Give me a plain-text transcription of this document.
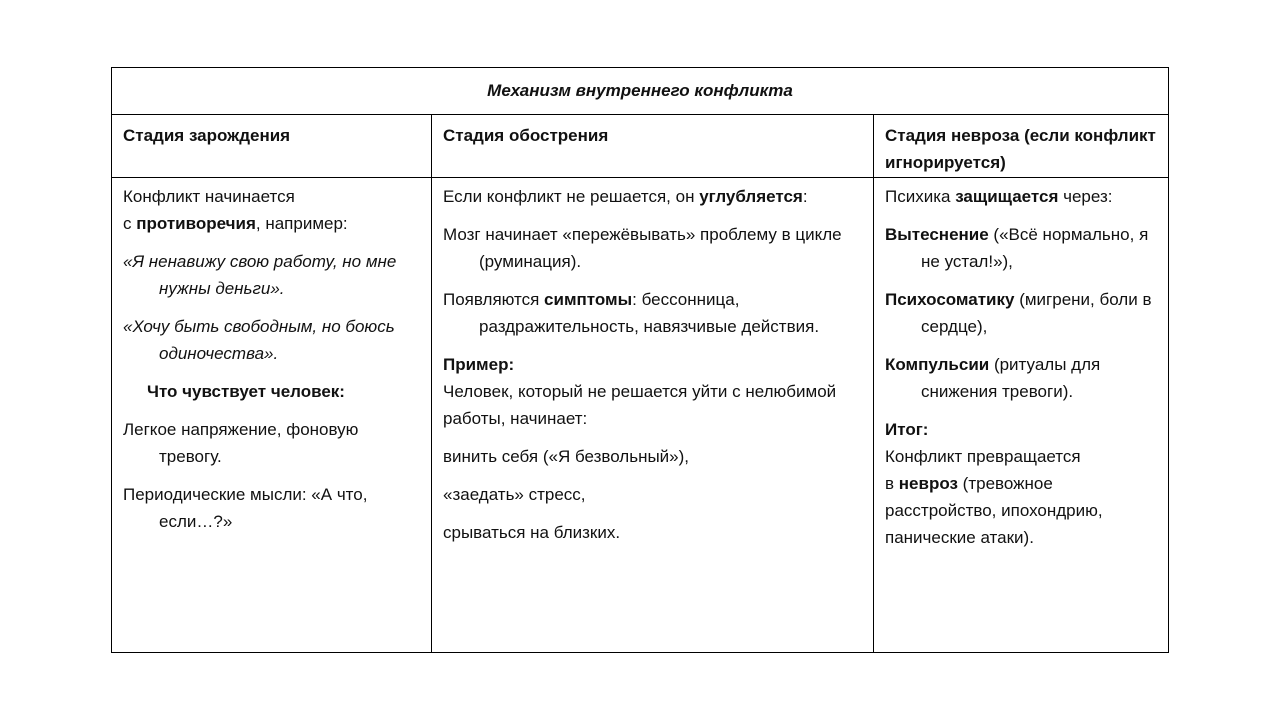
Механизм внутреннего конфликта
Стадия зарождения
Конфликт начинается
с противоречия, например:
«Я ненавижу свою работу, но мне нужны деньги».
«Хочу быть свободным, но боюсь одиночества».
Что чувствует человек:
Легкое напряжение, фоновую тревогу.
Периодические мысли: «А что, если…?»
Стадия обострения
Если конфликт не решается, он углубляется:
Мозг начинает «пережёвывать» проблему в цикле (руминация).
Появляются симптомы: бессонница, раздражительность, навязчивые действия.
Пример:
Человек, который не решается уйти с нелюбимой работы, начинает:
винить себя («Я безвольный»),
«заедать» стресс,
срываться на близких.
Стадия невроза (если конфликт игнорируется)
Психика защищается через:
Вытеснение («Всё нормально, я не устал!»),
Психосоматику (мигрени, боли в сердце),
Компульсии (ритуалы для снижения тревоги).
Итог:
Конфликт превращается
в невроз (тревожное расстройство, ипохондрию, панические атаки).
